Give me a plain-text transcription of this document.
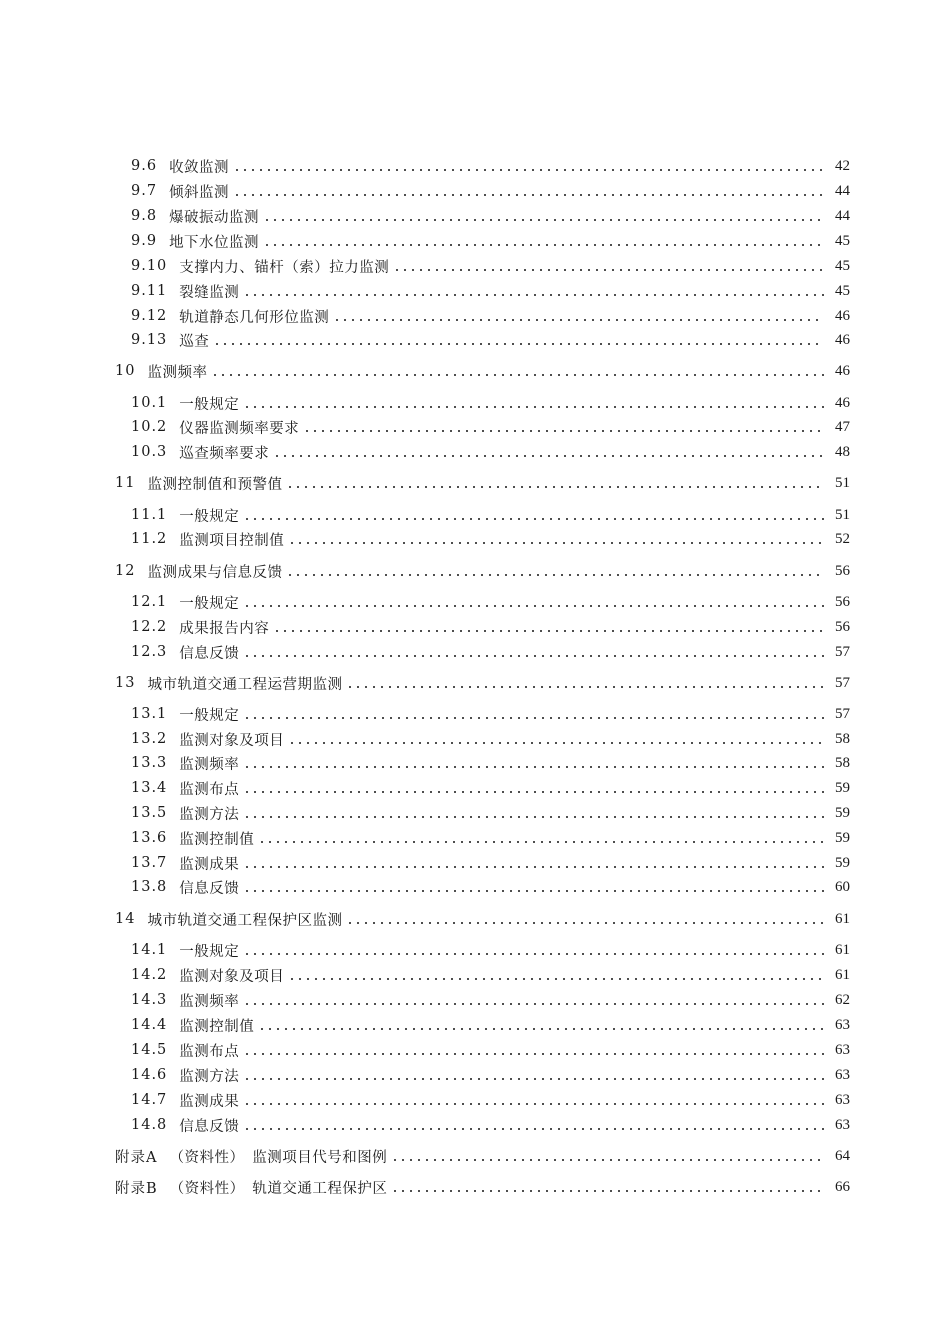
9.6 收敛监测	42
9.7 倾斜监测	44
9.8 爆破振动监测	44
9.9 地下水位监测	45
9.10 支撑内力、锚杆（索）拉力监测	45
9.11 裂缝监测	45
9.12 轨道静态几何形位监测	46
9.13 巡查	46
10 监测频率	46
10.1 一般规定	46
10.2 仪器监测频率要求	47
10.3 巡查频率要求	48
11 监测控制值和预警值	51
11.1 一般规定	51
11.2 监测项目控制值	52
12 监测成果与信息反馈	56
12.1 一般规定	56
12.2 成果报告内容	56
12.3 信息反馈	57
13 城市轨道交通工程运营期监测	57
13.1 一般规定	57
13.2 监测对象及项目	58
13.3 监测频率	58
13.4 监测布点	59
13.5 监测方法	59
13.6 监测控制值	59
13.7 监测成果	59
13.8 信息反馈	60
14 城市轨道交通工程保护区监测	61
14.1 一般规定	61
14.2 监测对象及项目	61
14.3 监测频率	62
14.4 监测控制值	63
14.5 监测布点	63
14.6 监测方法	63
14.7 监测成果	63
14.8 信息反馈	63
附录A （资料性）　监测项目代号和图例	64
附录B （资料性）　轨道交通工程保护区	66
